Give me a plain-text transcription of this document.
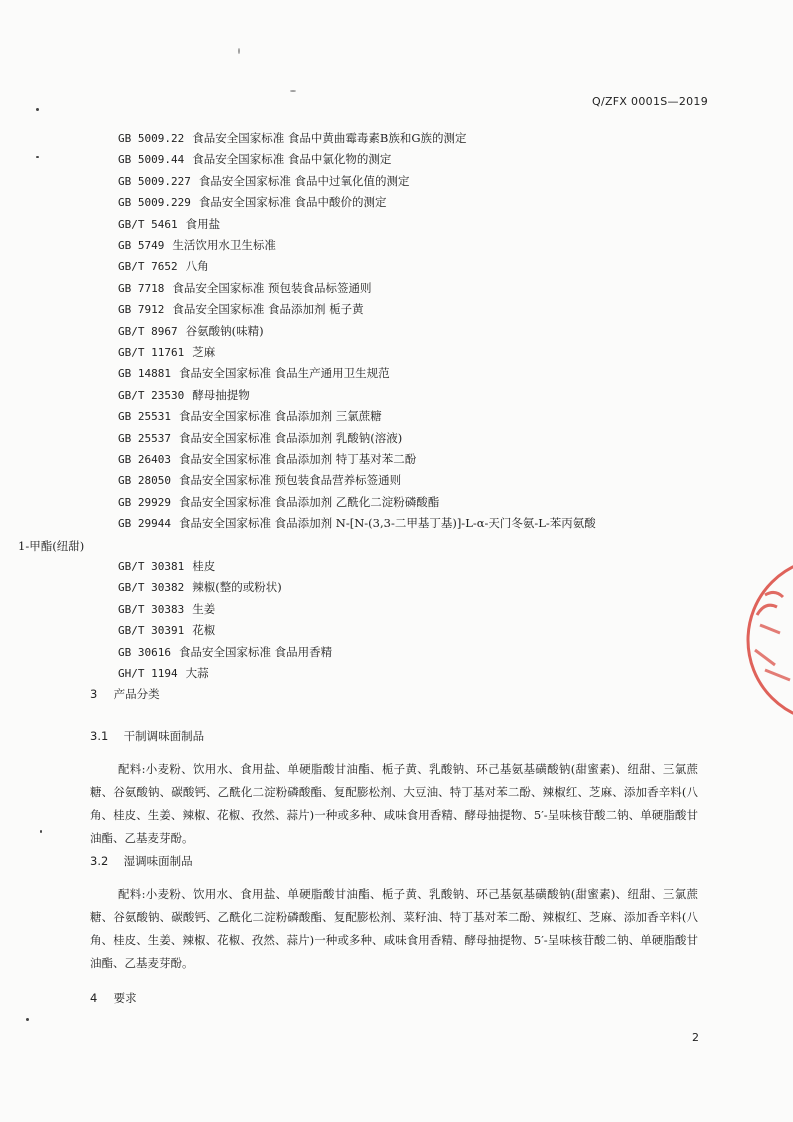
Q/ZFX 0001S—2019
GB 5009.22 食品安全国家标准 食品中黄曲霉毒素B族和G族的测定
GB 5009.44 食品安全国家标准 食品中氯化物的测定
GB 5009.227 食品安全国家标准 食品中过氧化值的测定
GB 5009.229 食品安全国家标准 食品中酸价的测定
GB/T 5461 食用盐
GB 5749 生活饮用水卫生标准
GB/T 7652 八角
GB 7718 食品安全国家标准 预包装食品标签通则
GB 7912 食品安全国家标准 食品添加剂 栀子黄
GB/T 8967 谷氨酸钠(味精)
GB/T 11761 芝麻
GB 14881 食品安全国家标准 食品生产通用卫生规范
GB/T 23530 酵母抽提物
GB 25531 食品安全国家标准 食品添加剂 三氯蔗糖
GB 25537 食品安全国家标准 食品添加剂 乳酸钠(溶液)
GB 26403 食品安全国家标准 食品添加剂 特丁基对苯二酚
GB 28050 食品安全国家标准 预包装食品营养标签通则
GB 29929 食品安全国家标准 食品添加剂 乙酰化二淀粉磷酸酯
GB 29944 食品安全国家标准 食品添加剂 N-[N-(3,3-二甲基丁基)]-L-α-天门冬氨-L-苯丙氨酸
1-甲酯(纽甜)
GB/T 30381 桂皮
GB/T 30382 辣椒(整的或粉状)
GB/T 30383 生姜
GB/T 30391 花椒
GB 30616 食品安全国家标准 食品用香精
GH/T 1194 大蒜
3 产品分类
3.1 干制调味面制品
配料:小麦粉、饮用水、食用盐、单硬脂酸甘油酯、栀子黄、乳酸钠、环己基氨基磺酸钠(甜蜜素)、纽甜、三氯蔗糖、谷氨酸钠、碳酸钙、乙酰化二淀粉磷酸酯、复配膨松剂、大豆油、特丁基对苯二酚、辣椒红、芝麻、添加香辛料(八角、桂皮、生姜、辣椒、花椒、孜然、蒜片)一种或多种、咸味食用香精、酵母抽提物、5′-呈味核苷酸二钠、单硬脂酸甘油酯、乙基麦芽酚。
3.2 湿调味面制品
配料:小麦粉、饮用水、食用盐、单硬脂酸甘油酯、栀子黄、乳酸钠、环己基氨基磺酸钠(甜蜜素)、纽甜、三氯蔗糖、谷氨酸钠、碳酸钙、乙酰化二淀粉磷酸酯、复配膨松剂、菜籽油、特丁基对苯二酚、辣椒红、芝麻、添加香辛料(八角、桂皮、生姜、辣椒、花椒、孜然、蒜片)一种或多种、咸味食用香精、酵母抽提物、5′-呈味核苷酸二钠、单硬脂酸甘油酯、乙基麦芽酚。
4 要求
2
